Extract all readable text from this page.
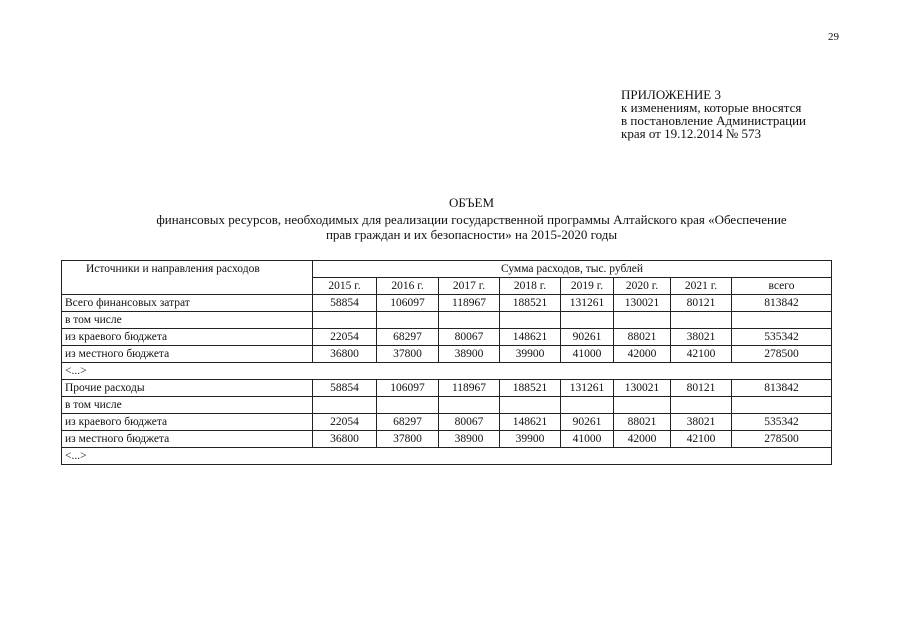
29
ПРИЛОЖЕНИЕ 3
к изменениям, которые вносятся
в постановление Администрации
края от 19.12.2014 № 573
ОБЪЕМ
финансовых ресурсов, необходимых для реализации государственной программы Алтайского края «Обеспечение
прав граждан и их безопасности» на 2015-2020 годы
Источники и направления расходов	Сумма расходов, тыс. рублей							
	2015 г.	2016 г.	2017 г.	2018 г.	2019 г.	2020 г.	2021 г.	всего
Всего финансовых затрат	58854	106097	118967	188521	131261	130021	80121	813842
в том числе								
из краевого бюджета	22054	68297	80067	148621	90261	88021	38021	535342
из местного бюджета	36800	37800	38900	39900	41000	42000	42100	278500
<...>								
Прочие расходы	58854	106097	118967	188521	131261	130021	80121	813842
в том числе								
из краевого бюджета	22054	68297	80067	148621	90261	88021	38021	535342
из местного бюджета	36800	37800	38900	39900	41000	42000	42100	278500
<...>								
